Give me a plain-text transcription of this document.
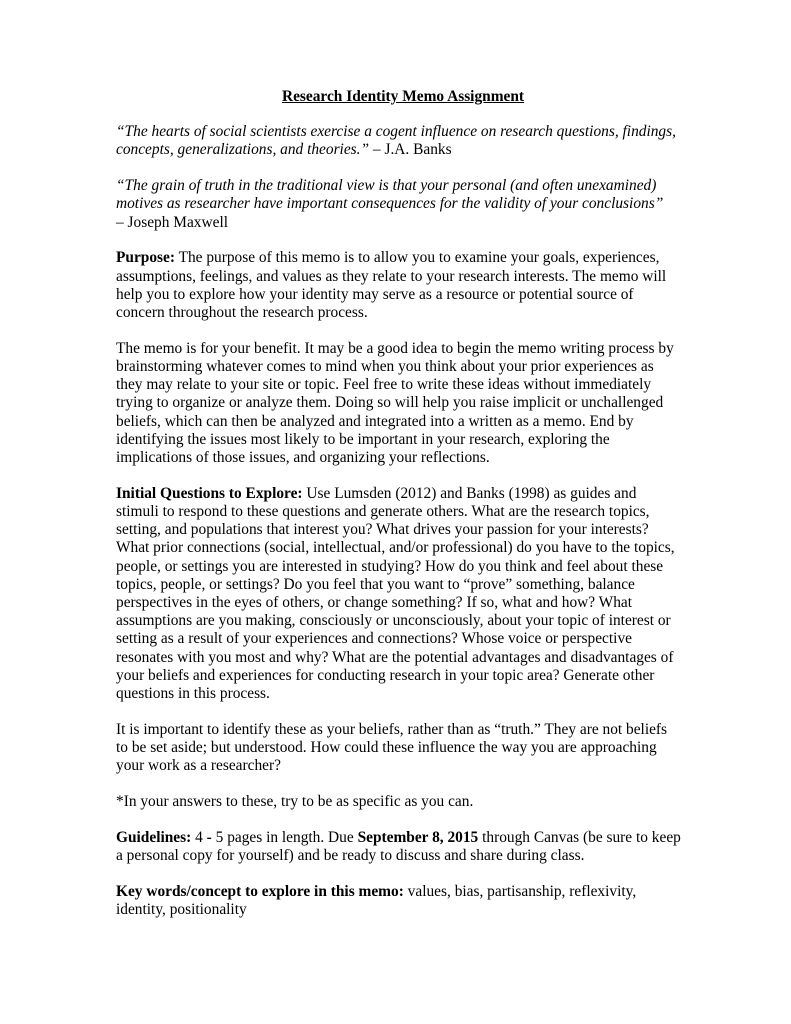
Research Identity Memo Assignment

“The hearts of social scientists exercise a cogent influence on research questions, findings, concepts, generalizations, and theories.” – J.A. Banks

“The grain of truth in the traditional view is that your personal (and often unexamined) motives as researcher have important consequences for the validity of your conclusions”
– Joseph Maxwell

Purpose: The purpose of this memo is to allow you to examine your goals, experiences, assumptions, feelings, and values as they relate to your research interests. The memo will help you to explore how your identity may serve as a resource or potential source of concern throughout the research process.

The memo is for your benefit. It may be a good idea to begin the memo writing process by brainstorming whatever comes to mind when you think about your prior experiences as they may relate to your site or topic. Feel free to write these ideas without immediately trying to organize or analyze them. Doing so will help you raise implicit or unchallenged beliefs, which can then be analyzed and integrated into a written as a memo. End by identifying the issues most likely to be important in your research, exploring the implications of those issues, and organizing your reflections.

Initial Questions to Explore: Use Lumsden (2012) and Banks (1998) as guides and stimuli to respond to these questions and generate others. What are the research topics, setting, and populations that interest you? What drives your passion for your interests? What prior connections (social, intellectual, and/or professional) do you have to the topics, people, or settings you are interested in studying? How do you think and feel about these topics, people, or settings? Do you feel that you want to “prove” something, balance perspectives in the eyes of others, or change something? If so, what and how? What assumptions are you making, consciously or unconsciously, about your topic of interest or setting as a result of your experiences and connections? Whose voice or perspective resonates with you most and why? What are the potential advantages and disadvantages of your beliefs and experiences for conducting research in your topic area? Generate other questions in this process.

It is important to identify these as your beliefs, rather than as “truth.” They are not beliefs to be set aside; but understood. How could these influence the way you are approaching your work as a researcher?

*In your answers to these, try to be as specific as you can.

Guidelines: 4 - 5 pages in length. Due September 8, 2015 through Canvas (be sure to keep a personal copy for yourself) and be ready to discuss and share during class.

Key words/concept to explore in this memo: values, bias, partisanship, reflexivity, identity, positionality
